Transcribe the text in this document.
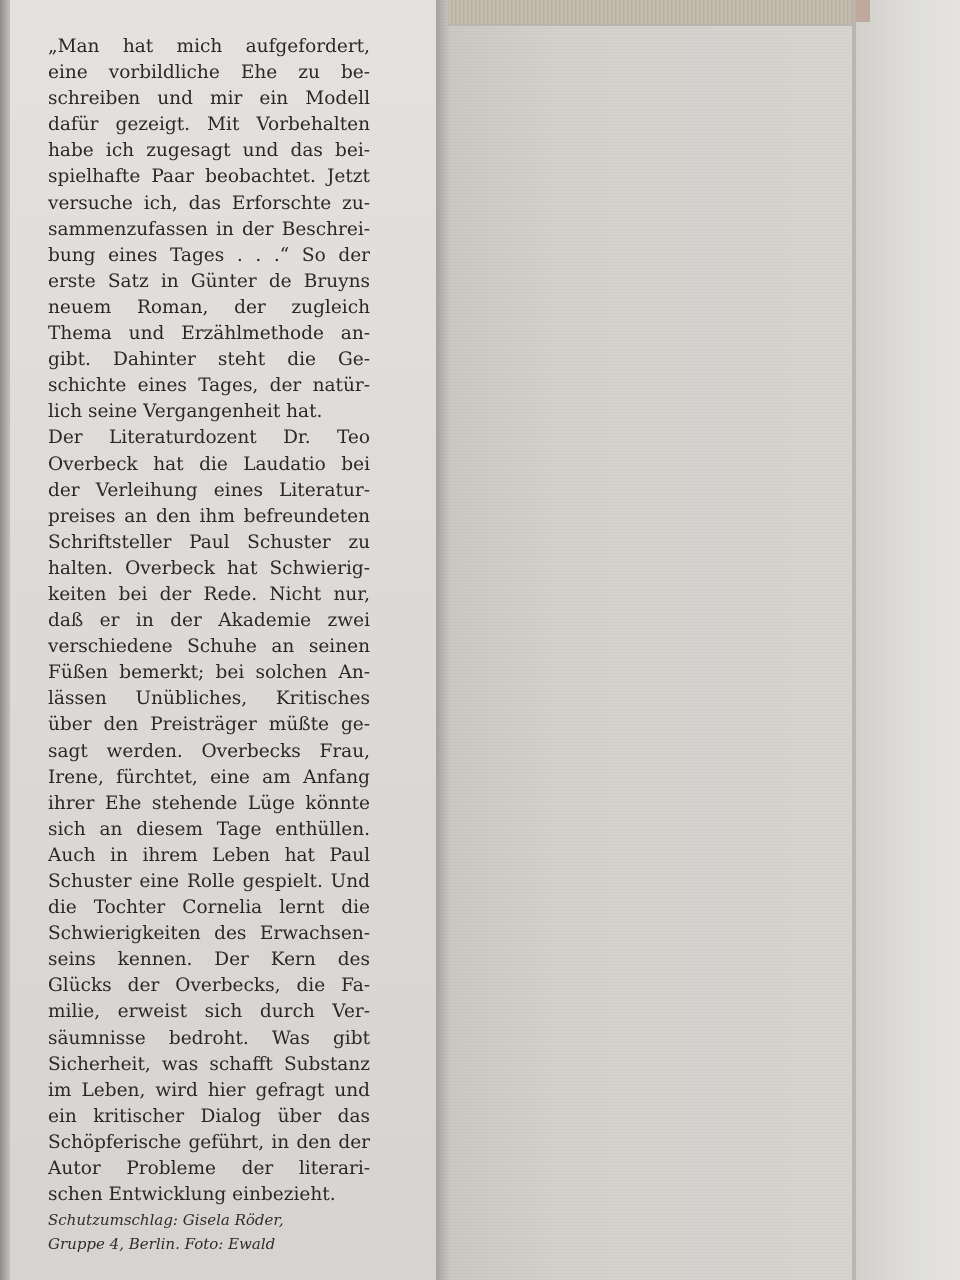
„Man hat mich aufgefordert,
eine vorbildliche Ehe zu be-
schreiben und mir ein Modell
dafür gezeigt. Mit Vorbehalten
habe ich zugesagt und das bei-
spielhafte Paar beobachtet. Jetzt
versuche ich, das Erforschte zu-
sammenzufassen in der Beschrei-
bung eines Tages . . .“ So der
erste Satz in Günter de Bruyns
neuem Roman, der zugleich
Thema und Erzählmethode an-
gibt. Dahinter steht die Ge-
schichte eines Tages, der natür-
lich seine Vergangenheit hat.
Der Literaturdozent Dr. Teo
Overbeck hat die Laudatio bei
der Verleihung eines Literatur-
preises an den ihm befreundeten
Schriftsteller Paul Schuster zu
halten. Overbeck hat Schwierig-
keiten bei der Rede. Nicht nur,
daß er in der Akademie zwei
verschiedene Schuhe an seinen
Füßen bemerkt; bei solchen An-
lässen Unübliches, Kritisches
über den Preisträger müßte ge-
sagt werden. Overbecks Frau,
Irene, fürchtet, eine am Anfang
ihrer Ehe stehende Lüge könnte
sich an diesem Tage enthüllen.
Auch in ihrem Leben hat Paul
Schuster eine Rolle gespielt. Und
die Tochter Cornelia lernt die
Schwierigkeiten des Erwachsen-
seins kennen. Der Kern des
Glücks der Overbecks, die Fa-
milie, erweist sich durch Ver-
säumnisse bedroht. Was gibt
Sicherheit, was schafft Substanz
im Leben, wird hier gefragt und
ein kritischer Dialog über das
Schöpferische geführt, in den der
Autor Probleme der literari-
schen Entwicklung einbezieht.
Schutzumschlag: Gisela Röder,
Gruppe 4, Berlin. Foto: Ewald
